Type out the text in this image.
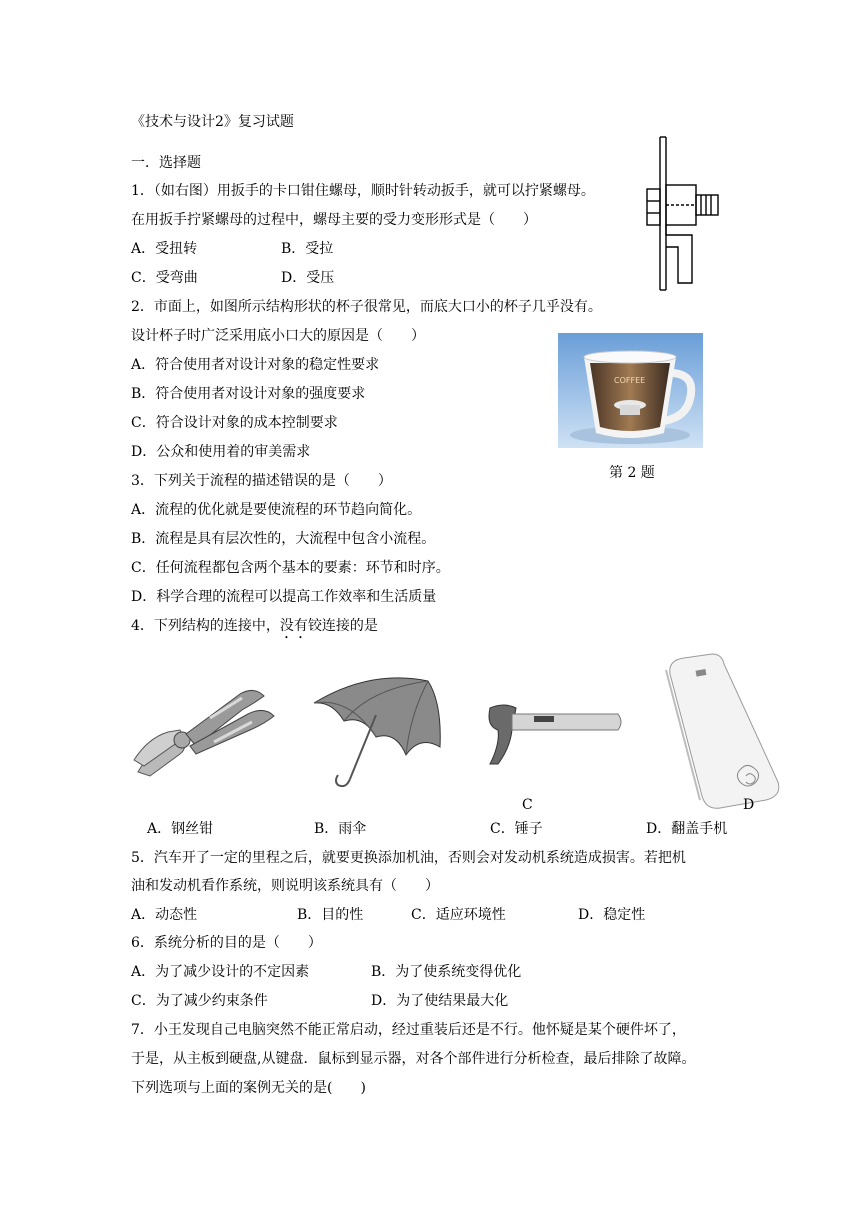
《技术与设计2》复习试题
一．选择题
1．（如右图）用扳手的卡口钳住螺母，顺时针转动扳手，就可以拧紧螺母。
在用扳手拧紧螺母的过程中，螺母主要的受力变形形式是（　　）
A．受扭转	B．受拉
C．受弯曲	D．受压
2．市面上，如图所示结构形状的杯子很常见，而底大口小的杯子几乎没有。
设计杯子时广泛采用底小口大的原因是（　　）
A．符合使用者对设计对象的稳定性要求
B．符合使用者对设计对象的强度要求
C．符合设计对象的成本控制要求
D．公众和使用着的审美需求
COFFEE
第 2 题
3．下列关于流程的描述错误的是（　　）
A．流程的优化就是要使流程的环节趋向简化。
B．流程是具有层次性的，大流程中包含小流程。
C．任何流程都包含两个基本的要素：环节和时序。
D．科学合理的流程可以提高工作效率和生活质量
4．下列结构的连接中，没有铰连接的是
C	D
A．钢丝钳	B．雨伞	C．锤子	D．翻盖手机
5．汽车开了一定的里程之后，就要更换添加机油，否则会对发动机系统造成损害。若把机
油和发动机看作系统，则说明该系统具有（　　）
A．动态性	B．目的性	C．适应环境性	D．稳定性
6．系统分析的目的是（　　）
A．为了减少设计的不定因素	B．为了使系统变得优化
C．为了减少约束条件	D．为了使结果最大化
7．小王发现自己电脑突然不能正常启动，经过重装后还是不行。他怀疑是某个硬件坏了，
于是，从主板到硬盘,从键盘．鼠标到显示器，对各个部件进行分析检查，最后排除了故障。
下列选项与上面的案例无关的是(　　)
